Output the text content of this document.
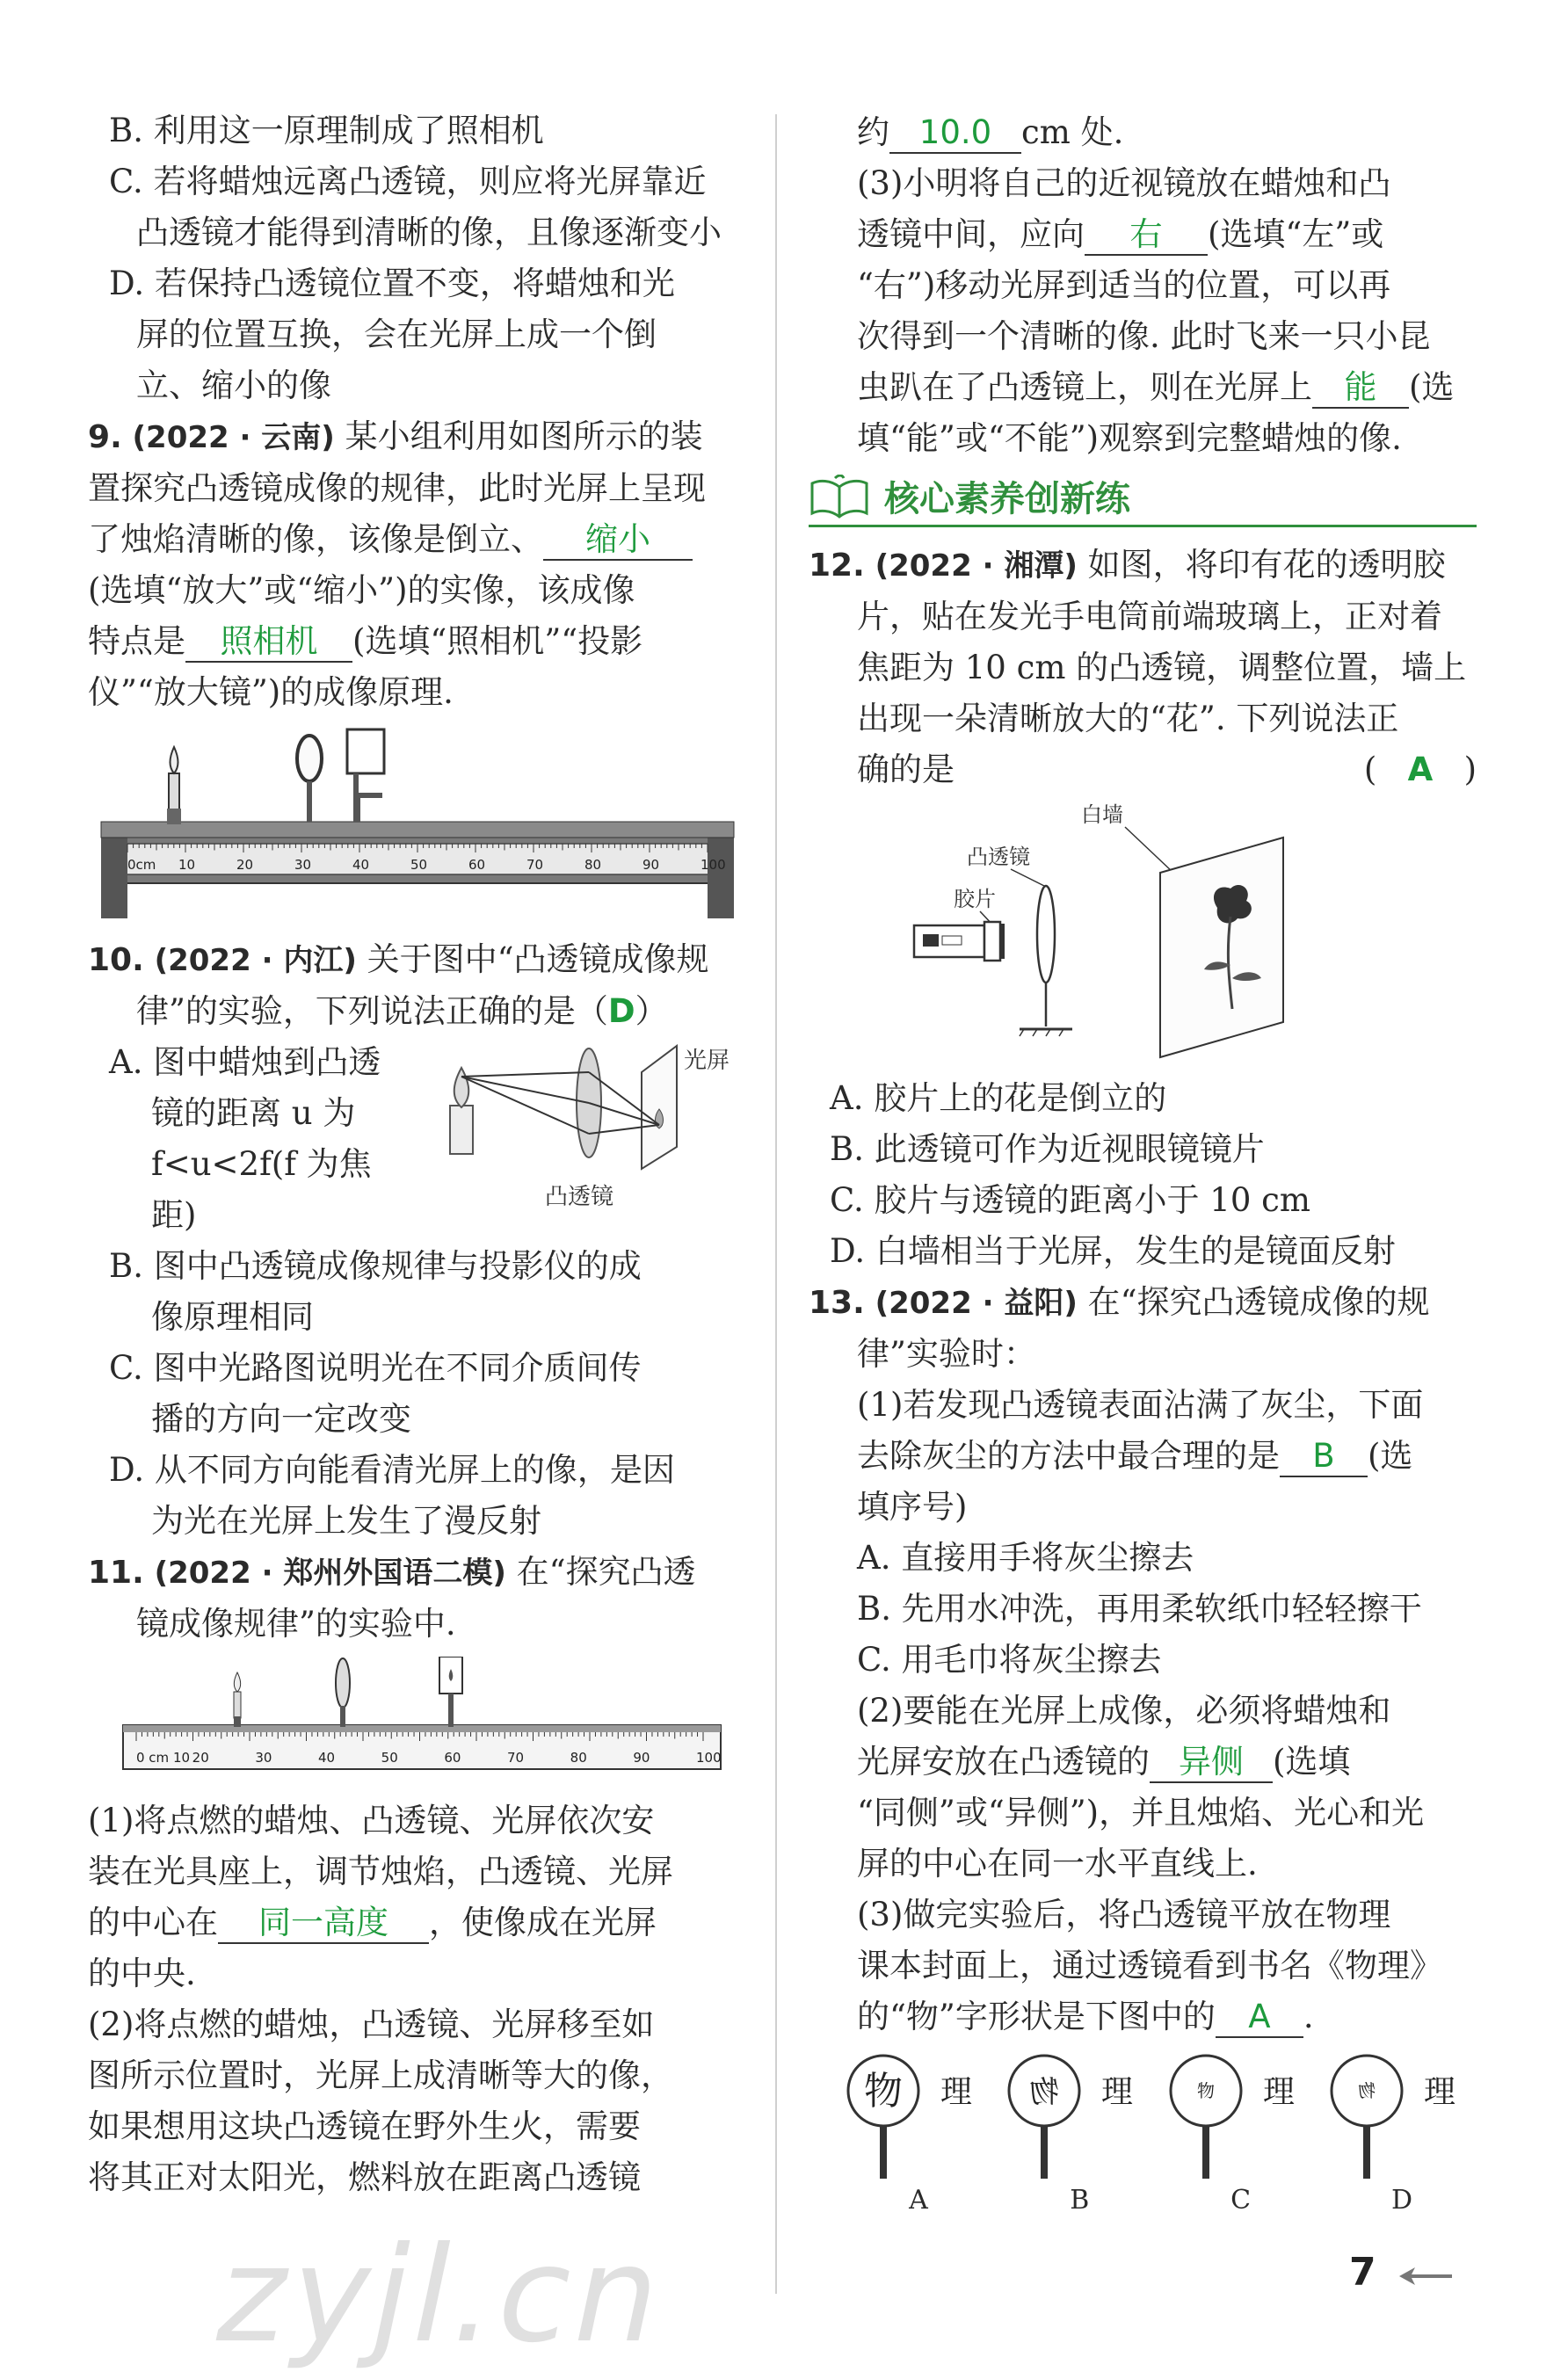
B. 利用这一原理制成了照相机

C. 若将蜡烛远离凸透镜，则应将光屏靠近

凸透镜才能得到清晰的像，且像逐渐变小

D. 若保持凸透镜位置不变，将蜡烛和光

屏的位置互换，会在光屏上成一个倒

立、缩小的像

9. (2022 · 云南) 某小组利用如图所示的装

置探究凸透镜成像的规律，此时光屏上呈现

了烛焰清晰的像，该像是倒立、 缩小

(选填“放大”或“缩小”)的实像，该成像

特点是 照相机 (选填“照相机”“投影

仪”“放大镜”)的成像原理.

0cm 10	20	30	40	50	60	70	80	90	100

10. (2022 · 内江) 关于图中“凸透镜成像规

律”的实验，下列说法正确的是（D）

A. 图中蜡烛到凸透

镜的距离 u 为

f<u<2f(f 为焦

距)

光屏
凸透镜

B. 图中凸透镜成像规律与投影仪的成

像原理相同

C. 图中光路图说明光在不同介质间传

播的方向一定改变

D. 从不同方向能看清光屏上的像，是因

为光在光屏上发生了漫反射

11. (2022 · 郑州外国语二模) 在“探究凸透

镜成像规律”的实验中.

0 cm 10 20	30	40	50	60	70	80	90	100

(1)将点燃的蜡烛、凸透镜、光屏依次安

装在光具座上，调节烛焰，凸透镜、光屏

的中心在 同一高度 ，使像成在光屏

的中央.

(2)将点燃的蜡烛，凸透镜、光屏移至如

图所示位置时，光屏上成清晰等大的像，

如果想用这块凸透镜在野外生火，需要

将其正对太阳光，燃料放在距离凸透镜

约 10.0 cm 处.

(3)小明将自己的近视镜放在蜡烛和凸

透镜中间，应向 右 (选填“左”或

“右”)移动光屏到适当的位置，可以再

次得到一个清晰的像. 此时飞来一只小昆

虫趴在了凸透镜上，则在光屏上 能 (选

填“能”或“不能”)观察到完整蜡烛的像.

核心素养创新练

12. (2022 · 湘潭) 如图，将印有花的透明胶

片，贴在发光手电筒前端玻璃上，正对着

焦距为 10 cm 的凸透镜，调整位置，墙上

出现一朵清晰放大的“花”. 下列说法正

确的是	(   A   )

白墙
凸透镜
胶片

A. 胶片上的花是倒立的

B. 此透镜可作为近视眼镜镜片

C. 胶片与透镜的距离小于 10 cm

D. 白墙相当于光屏，发生的是镜面反射

13. (2022 · 益阳) 在“探究凸透镜成像的规

律”实验时：

(1)若发现凸透镜表面沾满了灰尘，下面

去除灰尘的方法中最合理的是 B (选

填序号)

A. 直接用手将灰尘擦去

B. 先用水冲洗，再用柔软纸巾轻轻擦干

C. 用毛巾将灰尘擦去

(2)要能在光屏上成像，必须将蜡烛和

光屏安放在凸透镜的 异侧 (选填

“同侧”或“异侧”)，并且烛焰、光心和光

屏的中心在同一水平直线上.

(3)做完实验后，将凸透镜平放在物理

课本封面上，通过透镜看到书名《物理》

的“物”字形状是下图中的 A .

物 理
A
物 理
B
物 理
C
物 理
D
zyjl.cn	7
